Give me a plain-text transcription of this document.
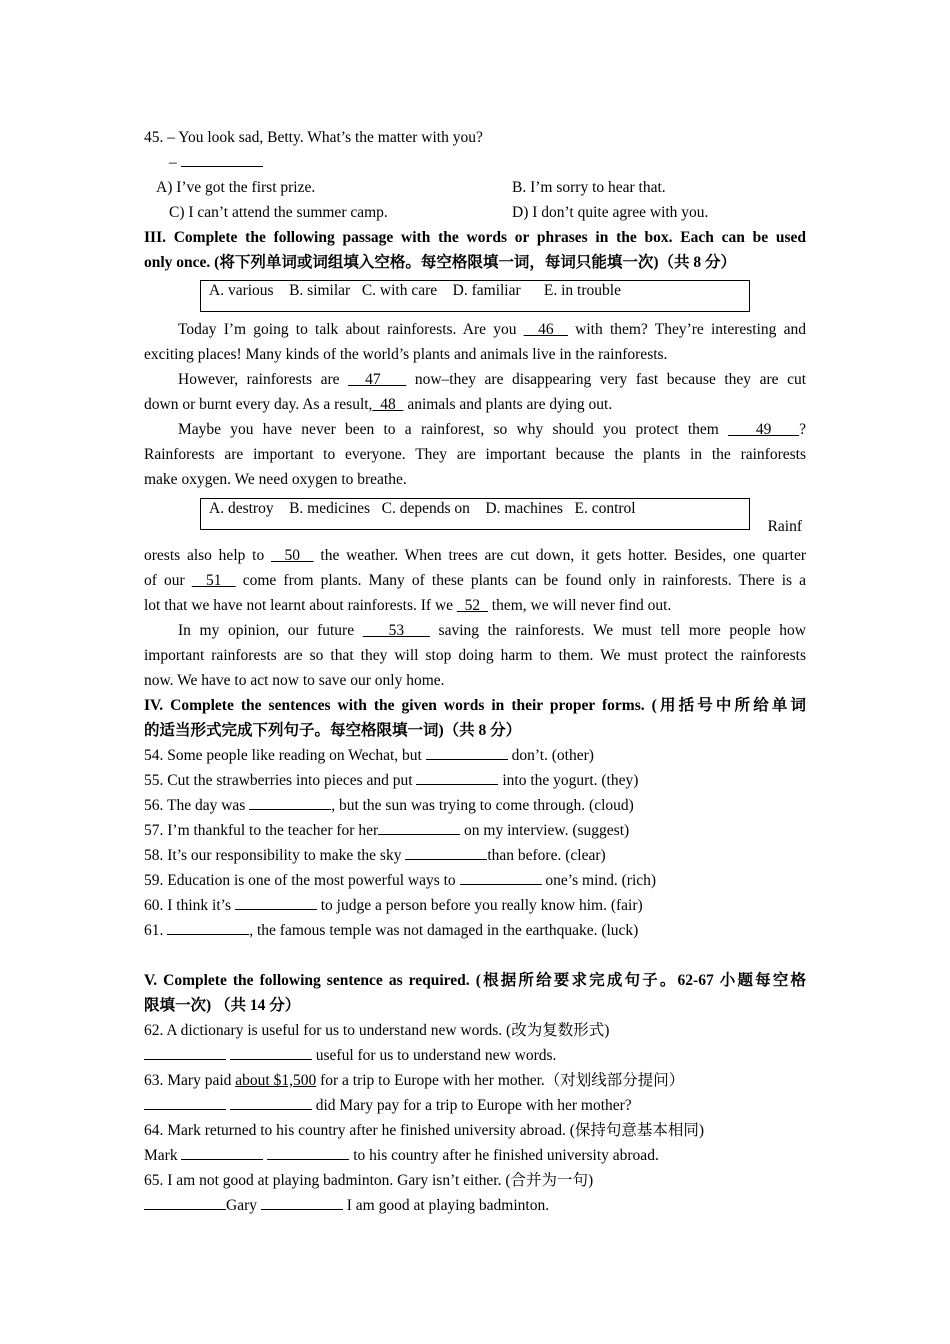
45. – You look sad, Betty. What’s the matter with you?
–
A) I’ve got the first prize.	B. I’m sorry to hear that.
C) I can’t attend the summer camp.	D) I don’t quite agree with you.
III. Complete the following passage with the words or phrases in the box. Each can be used
only once. (将下列单词或词组填入空格。每空格限填一词，每词只能填一次)（共 8 分）
A. various    B. similar   C. with care    D. familiar      E. in trouble
Today I’m going to talk about rainforests. Are you   46   with them? They’re interesting and
exciting places! Many kinds of the world’s plants and animals live in the rainforests.
However, rainforests are   47    now–they are disappearing very fast because they are cut
down or burnt every day. As a result,  48   animals and plants are dying out.
Maybe you have never been to a rainforest, so why should you protect them    49   ?
Rainforests are important to everyone. They are important because the plants in the rainforests
make oxygen. We need oxygen to breathe.
A. destroy    B. medicines   C. depends on    D. machines   E. control
Rainf
orests also help to   50   the weather. When trees are cut down, it gets hotter. Besides, one quarter
of our   51   come from plants. Many of these plants can be found only in rainforests. There is a
lot that we have not learnt about rainforests. If we   52   them, we will never find out.
In my opinion, our future    53    saving the rainforests. We must tell more people how
important rainforests are so that they will stop doing harm to them. We must protect the rainforests
now. We have to act now to save our only home.
IV. Complete the sentences with the given words in their proper forms. (用括号中所给单词
的适当形式完成下列句子。每空格限填一词)（共 8 分）
54. Some people like reading on Wechat, but	don’t. (other)
55. Cut the strawberries into pieces and put	into the yogurt. (they)
56. The day was	, but the sun was trying to come through. (cloud)
57. I’m thankful to the teacher for her	on my interview. (suggest)
58. It’s our responsibility to make the sky	than before. (clear)
59. Education is one of the most powerful ways to	one’s mind. (rich)
60. I think it’s	to judge a person before you really know him. (fair)
61.	, the famous temple was not damaged in the earthquake. (luck)
V. Complete the following sentence as required. (根据所给要求完成句子。62-67 小题每空格
限填一次) （共 14 分）
62. A dictionary is useful for us to understand new words. (改为复数形式)
useful for us to understand new words.
63. Mary paid about $1,500 for a trip to Europe with her mother.（对划线部分提问）
did Mary pay for a trip to Europe with her mother?
64. Mark returned to his country after he finished university abroad. (保持句意基本相同)
Mark	to his country after he finished university abroad.
65. I am not good at playing badminton. Gary isn’t either. (合并为一句)
Gary	I am good at playing badminton.
